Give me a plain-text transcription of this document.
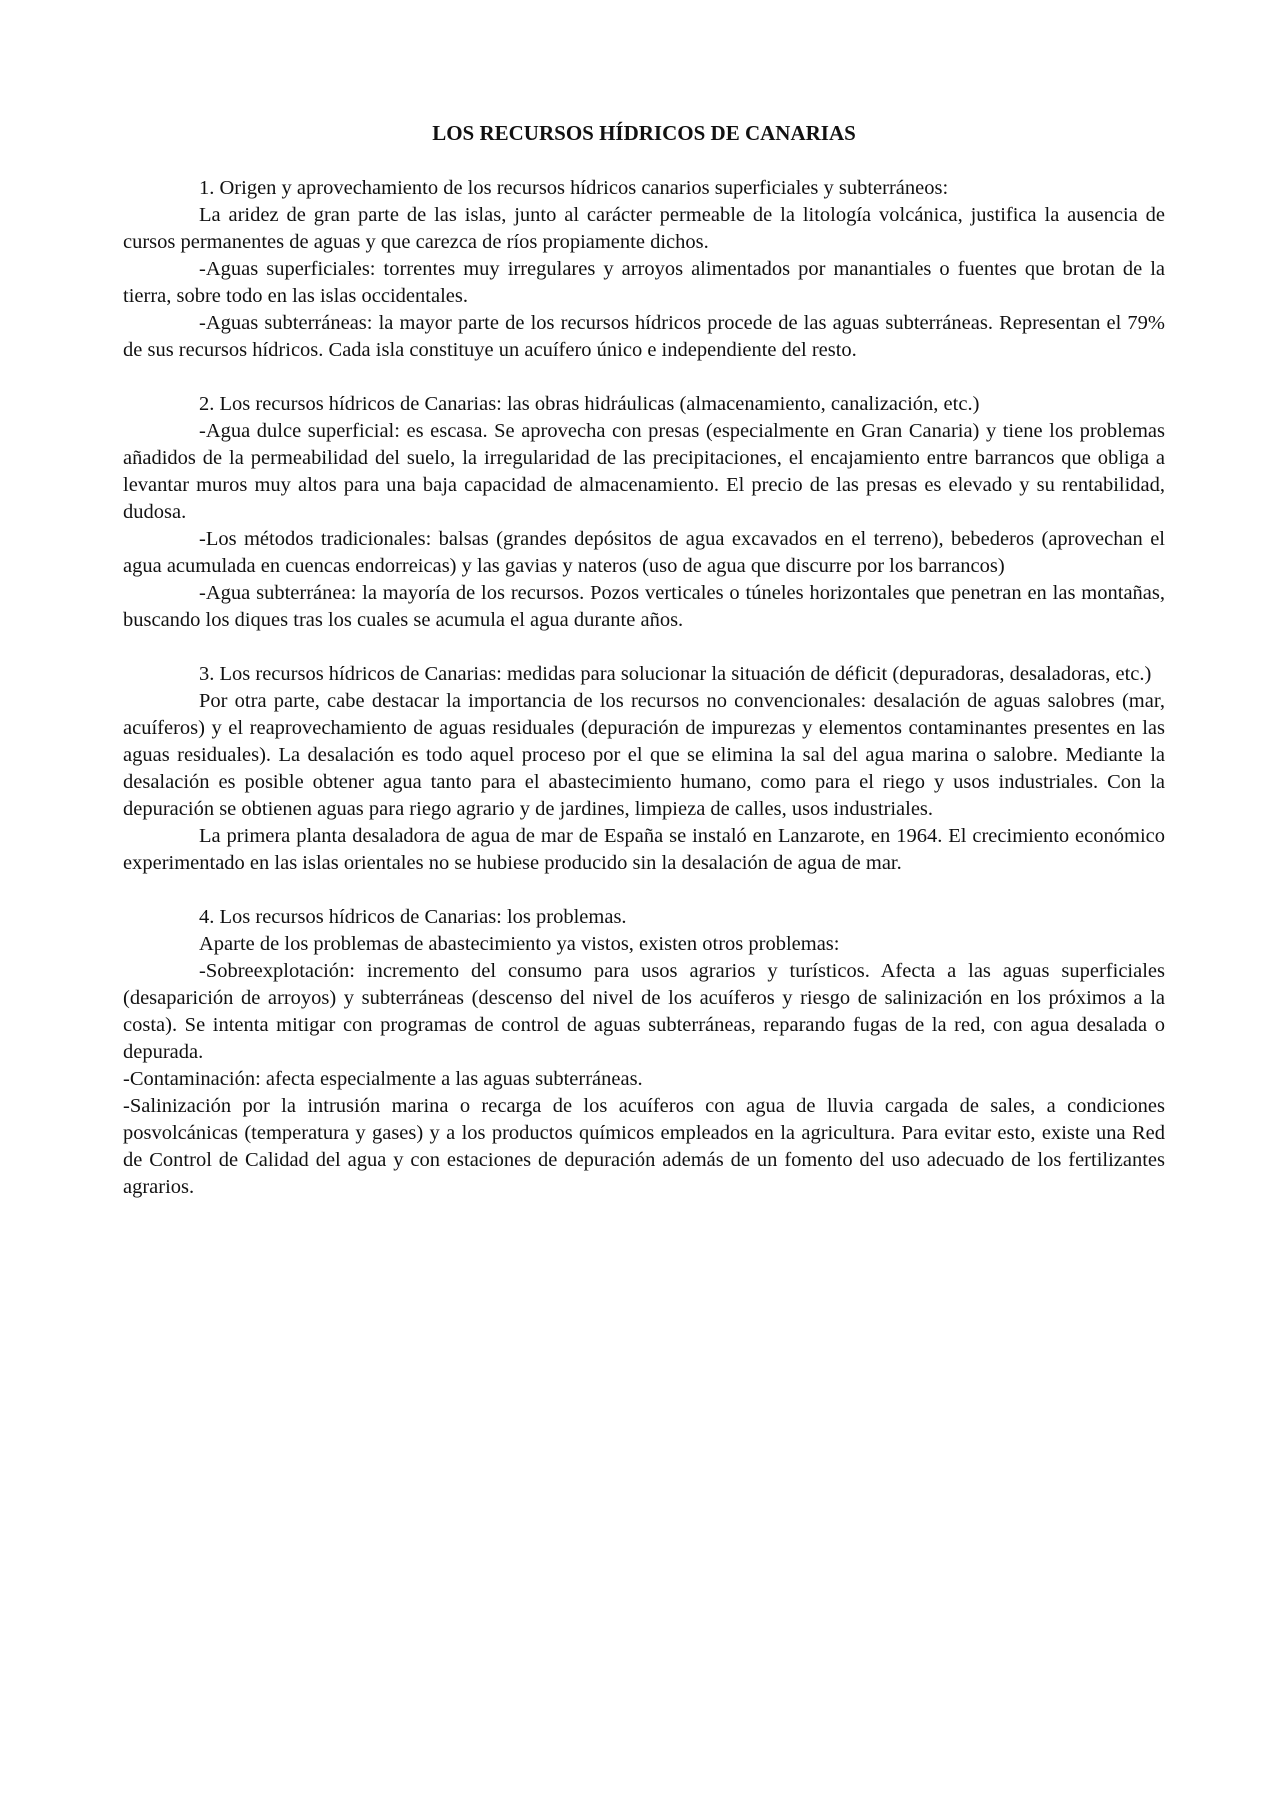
LOS RECURSOS HÍDRICOS DE CANARIAS

1. Origen y aprovechamiento de los recursos hídricos canarios superficiales y subterráneos:

La aridez de gran parte de las islas, junto al carácter permeable de la litología volcánica, justifica la ausencia de cursos permanentes de aguas y que carezca de ríos propiamente dichos.

-Aguas superficiales: torrentes muy irregulares y arroyos alimentados por manantiales o fuentes que brotan de la tierra, sobre todo en las islas occidentales.

-Aguas subterráneas: la mayor parte de los recursos hídricos procede de las aguas subterráneas. Representan el 79% de sus recursos hídricos. Cada isla constituye un acuífero único e independiente del resto.

2. Los recursos hídricos de Canarias: las obras hidráulicas (almacenamiento, canalización, etc.)

-Agua dulce superficial: es escasa. Se aprovecha con presas (especialmente en Gran Canaria) y tiene los problemas añadidos de la permeabilidad del suelo, la irregularidad de las precipitaciones, el encajamiento entre barrancos que obliga a levantar muros muy altos para una baja capacidad de almacenamiento. El precio de las presas es elevado y su rentabilidad, dudosa.

-Los métodos tradicionales: balsas (grandes depósitos de agua excavados en el terreno), bebederos (aprovechan el agua acumulada en cuencas endorreicas) y las gavias y nateros (uso de agua que discurre por los barrancos)

-Agua subterránea: la mayoría de los recursos. Pozos verticales o túneles horizontales que penetran en las montañas, buscando los diques tras los cuales se acumula el agua durante años.

3. Los recursos hídricos de Canarias: medidas para solucionar la situación de déficit (depuradoras, desaladoras, etc.)

Por otra parte, cabe destacar la importancia de los recursos no convencionales: desalación de aguas salobres (mar, acuíferos) y el reaprovechamiento de aguas residuales (depuración de impurezas y elementos contaminantes presentes en las aguas residuales). La desalación es todo aquel proceso por el que se elimina la sal del agua marina o salobre. Mediante la desalación es posible obtener agua tanto para el abastecimiento humano, como para el riego y usos industriales. Con la depuración se obtienen aguas para riego agrario y de jardines, limpieza de calles, usos industriales.

La primera planta desaladora de agua de mar de España se instaló en Lanzarote, en 1964. El crecimiento económico experimentado en las islas orientales no se hubiese producido sin la desalación de agua de mar.

4. Los recursos hídricos de Canarias: los problemas.

Aparte de los problemas de abastecimiento ya vistos, existen otros problemas:

-Sobreexplotación: incremento del consumo para usos agrarios y turísticos. Afecta a las aguas superficiales (desaparición de arroyos) y subterráneas (descenso del nivel de los acuíferos y riesgo de salinización en los próximos a la costa). Se intenta mitigar con programas de control de aguas subterráneas, reparando fugas de la red, con agua desalada o depurada.

-Contaminación: afecta especialmente a las aguas subterráneas.

-Salinización por la intrusión marina o recarga de los acuíferos con agua de lluvia cargada de sales, a condiciones posvolcánicas (temperatura y gases) y a los productos químicos empleados en la agricultura. Para evitar esto, existe una Red de Control de Calidad del agua y con estaciones de depuración además de un fomento del uso adecuado de los fertilizantes agrarios.
